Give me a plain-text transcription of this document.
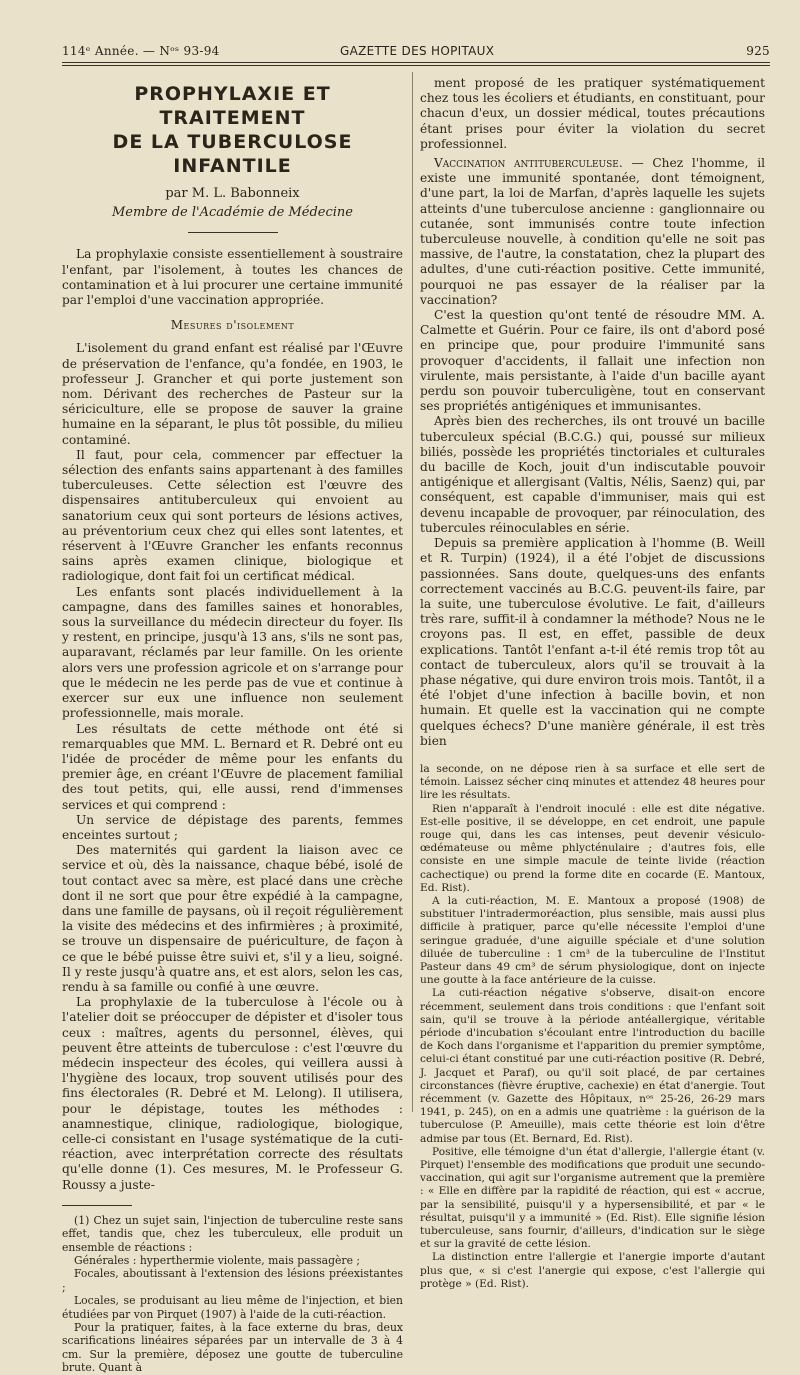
114ᵉ Année. — Nᵒˢ 93-94	GAZETTE DES HOPITAUX	925
PROPHYLAXIE ET TRAITEMENT
DE LA TUBERCULOSE INFANTILE
par M. L. Babonneix
Membre de l'Académie de Médecine

La prophylaxie consiste essentiellement à soustraire l'enfant, par l'isolement, à toutes les chances de contamination et à lui procurer une certaine immunité par l'emploi d'une vaccination appropriée.

Mesures d'isolement

L'isolement du grand enfant est réalisé par l'Œuvre de préservation de l'enfance, qu'a fondée, en 1903, le professeur J. Grancher et qui porte justement son nom. Dérivant des recherches de Pasteur sur la sériciculture, elle se propose de sauver la graine humaine en la séparant, le plus tôt possible, du milieu contaminé.

Il faut, pour cela, commencer par effectuer la sélection des enfants sains appartenant à des familles tuberculeuses. Cette sélection est l'œuvre des dispensaires antituberculeux qui envoient au sanatorium ceux qui sont porteurs de lésions actives, au préventorium ceux chez qui elles sont latentes, et réservent à l'Œuvre Grancher les enfants reconnus sains après examen clinique, biologique et radiologique, dont fait foi un certificat médical.

Les enfants sont placés individuellement à la campagne, dans des familles saines et honorables, sous la surveillance du médecin directeur du foyer. Ils y restent, en principe, jusqu'à 13 ans, s'ils ne sont pas, auparavant, réclamés par leur famille. On les oriente alors vers une profession agricole et on s'arrange pour que le médecin ne les perde pas de vue et continue à exercer sur eux une influence non seulement professionnelle, mais morale.

Les résultats de cette méthode ont été si remarquables que MM. L. Bernard et R. Debré ont eu l'idée de procéder de même pour les enfants du premier âge, en créant l'Œuvre de placement familial des tout petits, qui, elle aussi, rend d'immenses services et qui comprend :

Un service de dépistage des parents, femmes enceintes surtout ;

Des maternités qui gardent la liaison avec ce service et où, dès la naissance, chaque bébé, isolé de tout contact avec sa mère, est placé dans une crèche dont il ne sort que pour être expédié à la campagne, dans une famille de paysans, où il reçoit régulièrement la visite des médecins et des infirmières ; à proximité, se trouve un dispensaire de puériculture, de façon à ce que le bébé puisse être suivi et, s'il y a lieu, soigné. Il y reste jusqu'à quatre ans, et est alors, selon les cas, rendu à sa famille ou confié à une œuvre.

La prophylaxie de la tuberculose à l'école ou à l'atelier doit se préoccuper de dépister et d'isoler tous ceux : maîtres, agents du personnel, élèves, qui peuvent être atteints de tuberculose : c'est l'œuvre du médecin inspecteur des écoles, qui veillera aussi à l'hygiène des locaux, trop souvent utilisés pour des fins électorales (R. Debré et M. Lelong). Il utilisera, pour le dépistage, toutes les méthodes : anamnestique, clinique, radiologique, biologique, celle-ci consistant en l'usage systématique de la cuti-réaction, avec interprétation correcte des résultats qu'elle donne (1). Ces mesures, M. le Professeur G. Roussy a juste-

(1) Chez un sujet sain, l'injection de tuberculine reste sans effet, tandis que, chez les tuberculeux, elle produit un ensemble de réactions :

Générales : hyperthermie violente, mais passagère ;

Focales, aboutissant à l'extension des lésions préexistantes ;

Locales, se produisant au lieu même de l'injection, et bien étudiées par von Pirquet (1907) à l'aide de la cuti-réaction.

Pour la pratiquer, faites, à la face externe du bras, deux scarifications linéaires séparées par un intervalle de 3 à 4 cm. Sur la première, déposez une goutte de tuberculine brute. Quant à

ment proposé de les pratiquer systématiquement chez tous les écoliers et étudiants, en constituant, pour chacun d'eux, un dossier médical, toutes précautions étant prises pour éviter la violation du secret professionnel.

Vaccination antituberculeuse. — Chez l'homme, il existe une immunité spontanée, dont témoignent, d'une part, la loi de Marfan, d'après laquelle les sujets atteints d'une tuberculose ancienne : ganglionnaire ou cutanée, sont immunisés contre toute infection tuberculeuse nouvelle, à condition qu'elle ne soit pas massive, de l'autre, la constatation, chez la plupart des adultes, d'une cuti-réaction positive. Cette immunité, pourquoi ne pas essayer de la réaliser par la vaccination?

C'est la question qu'ont tenté de résoudre MM. A. Calmette et Guérin. Pour ce faire, ils ont d'abord posé en principe que, pour produire l'immunité sans provoquer d'accidents, il fallait une infection non virulente, mais persistante, à l'aide d'un bacille ayant perdu son pouvoir tuberculigène, tout en conservant ses propriétés antigéniques et immunisantes.

Après bien des recherches, ils ont trouvé un bacille tuberculeux spécial (B.C.G.) qui, poussé sur milieux biliés, possède les propriétés tinctoriales et culturales du bacille de Koch, jouit d'un indiscutable pouvoir antigénique et allergisant (Valtis, Nélis, Saenz) qui, par conséquent, est capable d'immuniser, mais qui est devenu incapable de provoquer, par réinoculation, des tubercules réinoculables en série.

Depuis sa première application à l'homme (B. Weill et R. Turpin) (1924), il a été l'objet de discussions passionnées. Sans doute, quelques-uns des enfants correctement vaccinés au B.C.G. peuvent-ils faire, par la suite, une tuberculose évolutive. Le fait, d'ailleurs très rare, suffit-il à condamner la méthode? Nous ne le croyons pas. Il est, en effet, passible de deux explications. Tantôt l'enfant a-t-il été remis trop tôt au contact de tuberculeux, alors qu'il se trouvait à la phase négative, qui dure environ trois mois. Tantôt, il a été l'objet d'une infection à bacille bovin, et non humain. Et quelle est la vaccination qui ne compte quelques échecs? D'une manière générale, il est très bien

la seconde, on ne dépose rien à sa surface et elle sert de témoin. Laissez sécher cinq minutes et attendez 48 heures pour lire les résultats.

Rien n'apparaît à l'endroit inoculé : elle est dite négative. Est-elle positive, il se développe, en cet endroit, une papule rouge qui, dans les cas intenses, peut devenir vésiculo-œdémateuse ou même phlycténulaire ; d'autres fois, elle consiste en une simple macule de teinte livide (réaction cachectique) ou prend la forme dite en cocarde (E. Mantoux, Ed. Rist).

A la cuti-réaction, M. E. Mantoux a proposé (1908) de substituer l'intradermoréaction, plus sensible, mais aussi plus difficile à pratiquer, parce qu'elle nécessite l'emploi d'une seringue graduée, d'une aiguille spéciale et d'une solution diluée de tuberculine : 1 cm³ de la tuberculine de l'Institut Pasteur dans 49 cm³ de sérum physiologique, dont on injecte une goutte à la face antérieure de la cuisse.

La cuti-réaction négative s'observe, disait-on encore récemment, seulement dans trois conditions : que l'enfant soit sain, qu'il se trouve à la période antéallergique, véritable période d'incubation s'écoulant entre l'introduction du bacille de Koch dans l'organisme et l'apparition du premier symptôme, celui-ci étant constitué par une cuti-réaction positive (R. Debré, J. Jacquet et Paraf), ou qu'il soit placé, de par certaines circonstances (fièvre éruptive, cachexie) en état d'anergie. Tout récemment (v. Gazette des Hôpitaux, nᵒˢ 25-26, 26-29 mars 1941, p. 245), on en a admis une quatrième : la guérison de la tuberculose (P. Ameuille), mais cette théorie est loin d'être admise par tous (Et. Bernard, Ed. Rist).

Positive, elle témoigne d'un état d'allergie, l'allergie étant (v. Pirquet) l'ensemble des modifications que produit une secundo-vaccination, qui agit sur l'organisme autrement que la première : « Elle en diffère par la rapidité de réaction, qui est « accrue, par la sensibilité, puisqu'il y a hypersensibilité, et par « le résultat, puisqu'il y a immunité » (Ed. Rist). Elle signifie lésion tuberculeuse, sans fournir, d'ailleurs, d'indication sur le siège et sur la gravité de cette lésion.

La distinction entre l'allergie et l'anergie importe d'autant plus que, « si c'est l'anergie qui expose, c'est l'allergie qui protège » (Ed. Rist).
